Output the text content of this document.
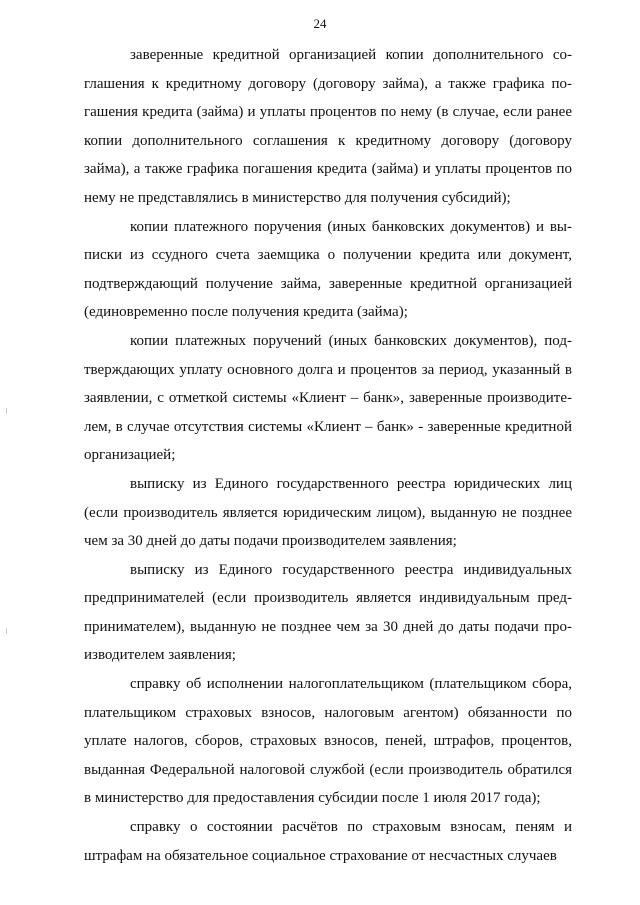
24

заверенные кредитной организацией копии дополнительного соглашения к кредитному договору (договору займа), а также графика погашения кредита (займа) и уплаты процентов по нему (в случае, если ранее копии дополнительного соглашения к кредитному договору (договору займа), а также графика погашения кредита (займа) и уплаты процентов по нему не представлялись в министерство для получения субсидий);

копии платежного поручения (иных банковских документов) и выписки из ссудного счета заемщика о получении кредита или документ, подтверждающий получение займа, заверенные кредитной организацией (единовременно после получения кредита (займа);

копии платежных поручений (иных банковских документов), подтверждающих уплату основного долга и процентов за период, указанный в заявлении, с отметкой системы «Клиент – банк», заверенные производителем, в случае отсутствия системы «Клиент – банк» - заверенные кредитной организацией;

выписку из Единого государственного реестра юридических лиц (если производитель является юридическим лицом), выданную не позднее чем за 30 дней до даты подачи производителем заявления;

выписку из Единого государственного реестра индивидуальных предпринимателей (если производитель является индивидуальным предпринимателем), выданную не позднее чем за 30 дней до даты подачи производителем заявления;

справку об исполнении налогоплательщиком (плательщиком сбора, плательщиком страховых взносов, налоговым агентом) обязанности по уплате налогов, сборов, страховых взносов, пеней, штрафов, процентов, выданная Федеральной налоговой службой (если производитель обратился в министерство для предоставления субсидии после 1 июля 2017 года);

справку о состоянии расчётов по страховым взносам, пеням и штрафам на обязательное социальное страхование от несчастных случаев
